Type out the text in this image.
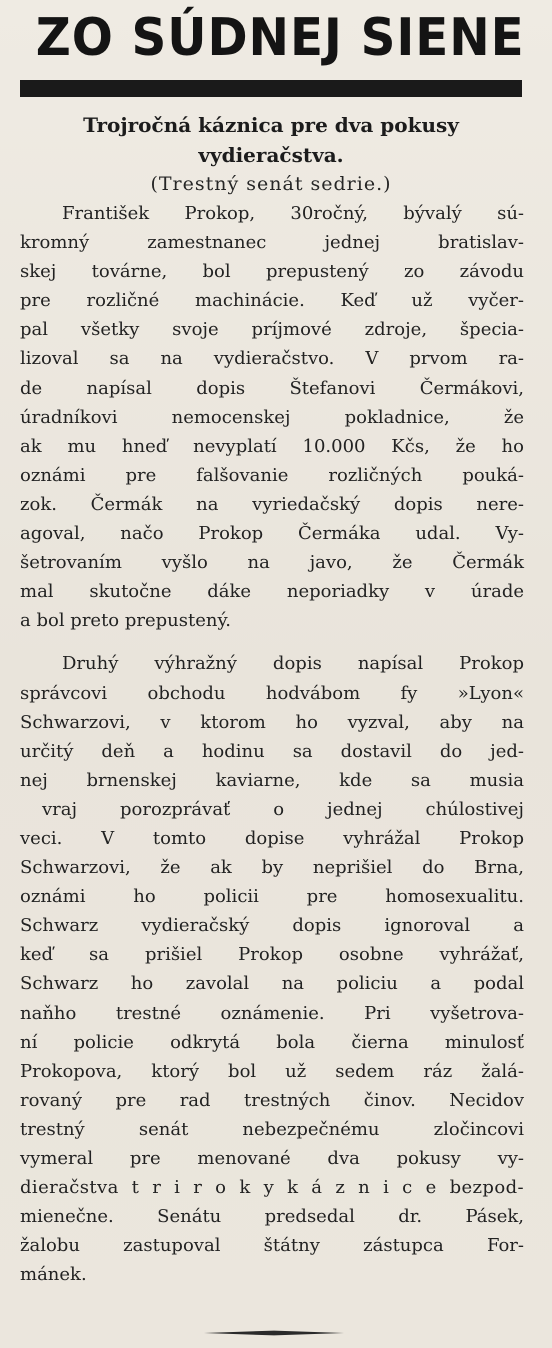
ZO SÚDNEJ SIENE
Trojročná káznica pre dva pokusy vydieračstva.
(Trestný senát sedrie.)
František Prokop, 30ročný, bývalý sú-
kromný zamestnanec jednej bratislav-
skej továrne, bol prepustený zo závodu
pre rozličné machinácie. Keď už vyčer-
pal všetky svoje príjmové zdroje, špecia-
lizoval sa na vydieračstvo. V prvom ra-
de napísal dopis Štefanovi Čermákovi,
úradníkovi nemocenskej pokladnice, že
ak mu hneď nevyplatí 10.000 Kčs, že ho
oznámi pre falšovanie rozličných pouká-
zok. Čermák na vyriedačský dopis nere-
agoval, načo Prokop Čermáka udal. Vy-
šetrovaním vyšlo na javo, že Čermák
mal skutočne dáke neporiadky v úrade
a bol preto prepustený.
Druhý výhražný dopis napísal Prokop
správcovi obchodu hodvábom fy »Lyon«
Schwarzovi, v ktorom ho vyzval, aby na
určitý deň a hodinu sa dostavil do jed-
nej brnenskej kaviarne, kde sa musia
vraj porozprávať o jednej chúlostivej
veci. V tomto dopise vyhrážal Prokop
Schwarzovi, že ak by neprišiel do Brna,
oznámi ho policii pre homosexualitu.
Schwarz vydieračský dopis ignoroval a
keď sa prišiel Prokop osobne vyhrážať,
Schwarz ho zavolal na policiu a podal
naňho trestné oznámenie. Pri vyšetrova-
ní policie odkrytá bola čierna minulosť
Prokopova, ktorý bol už sedem ráz žalá-
rovaný pre rad trestných činov. Necidov
trestný senát nebezpečnému zločincovi
vymeral pre menované dva pokusy vy-
dieračstva t r i r o k y k á z n i c e bezpod-
mienečne. Senátu predsedal dr. Pásek,
žalobu zastupoval štátny zástupca For-
mánek.
